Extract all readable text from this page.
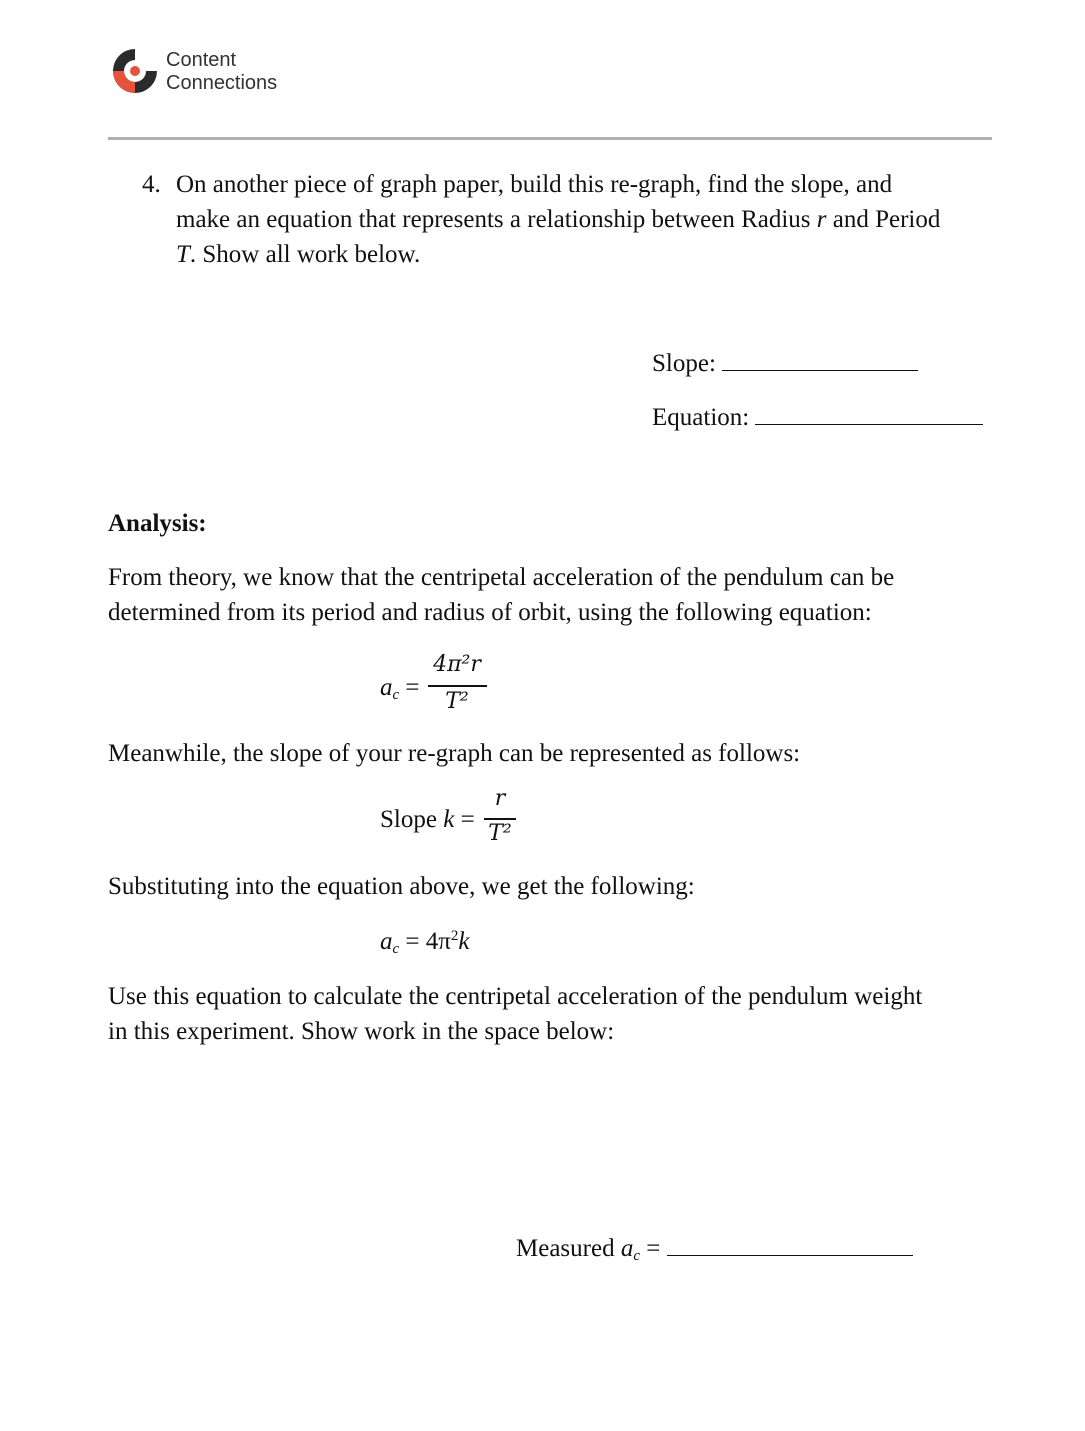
Content
Connections
4. On another piece of graph paper, build this re-graph, find the slope, and
make an equation that represents a relationship between Radius r and Period
T. Show all work below.
Slope:
Equation:
Analysis:
From theory, we know that the centripetal acceleration of the pendulum can be
determined from its period and radius of orbit, using the following equation:
$a_c$ =
4π²r
T²
Meanwhile, the slope of your re-graph can be represented as follows:
Slope k =
r
T²
Substituting into the equation above, we get the following:
$a_c = 4\pi^2k$
Use this equation to calculate the centripetal acceleration of the pendulum weight
in this experiment. Show work in the space below:
Measured $a_c$ =
